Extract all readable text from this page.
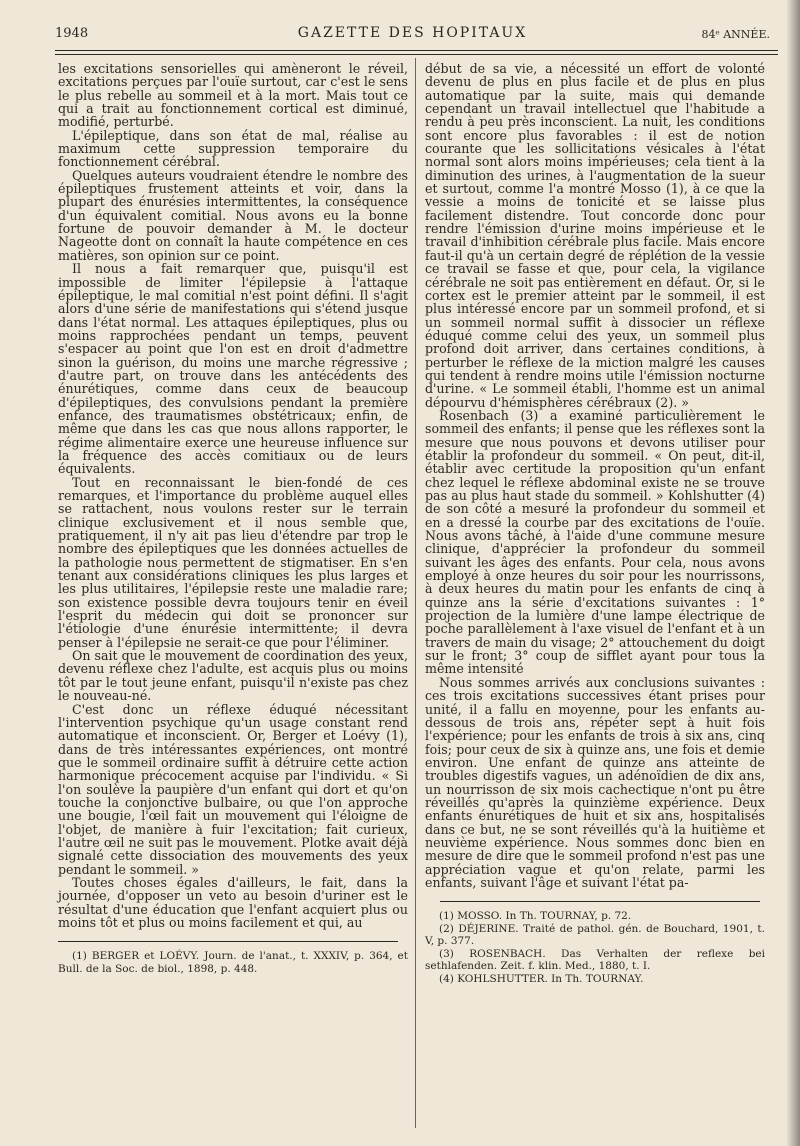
1948	GAZETTE DES HOPITAUX	84ᵉ ANNÉE.

les excitations sensorielles qui amèneront le réveil, excitations perçues par l'ouïe surtout, car c'est le sens le plus rebelle au sommeil et à la mort. Mais tout ce qui a trait au fonctionnement cortical est diminué, modifié, perturbé.

L'épileptique, dans son état de mal, réalise au maximum cette suppression temporaire du fonctionnement cérébral.

Quelques auteurs voudraient étendre le nombre des épileptiques frustement atteints et voir, dans la plupart des énurésies intermittentes, la conséquence d'un équivalent comitial. Nous avons eu la bonne fortune de pouvoir demander à M. le docteur Nageotte dont on connaît la haute compétence en ces matières, son opinion sur ce point.

Il nous a fait remarquer que, puisqu'il est impossible de limiter l'épilepsie à l'attaque épileptique, le mal comitial n'est point défini. Il s'agit alors d'une série de manifestations qui s'étend jusque dans l'état normal. Les attaques épileptiques, plus ou moins rapprochées pendant un temps, peuvent s'espacer au point que l'on est en droit d'admettre sinon la guérison, du moins une marche régressive ; d'autre part, on trouve dans les antécédents des énurétiques, comme dans ceux de beaucoup d'épileptiques, des convulsions pendant la première enfance, des traumatismes obstétricaux; enfin, de même que dans les cas que nous allons rapporter, le régime alimentaire exerce une heureuse influence sur la fréquence des accès comitiaux ou de leurs équivalents.

Tout en reconnaissant le bien-fondé de ces remarques, et l'importance du problème auquel elles se rattachent, nous voulons rester sur le terrain clinique exclusivement et il nous semble que, pratiquement, il n'y ait pas lieu d'étendre par trop le nombre des épileptiques que les données actuelles de la pathologie nous permettent de stigmatiser. En s'en tenant aux considérations cliniques les plus larges et les plus utilitaires, l'épilepsie reste une maladie rare; son existence possible devra toujours tenir en éveil l'esprit du médecin qui doit se prononcer sur l'étiologie d'une énurésie intermittente; il devra penser à l'épilepsie ne serait-ce que pour l'éliminer.

On sait que le mouvement de coordination des yeux, devenu réflexe chez l'adulte, est acquis plus ou moins tôt par le tout jeune enfant, puisqu'il n'existe pas chez le nouveau-né.

C'est donc un réflexe éduqué nécessitant l'intervention psychique qu'un usage constant rend automatique et inconscient. Or, Berger et Loévy (1), dans de très intéressantes expériences, ont montré que le sommeil ordinaire suffit à détruire cette action harmonique précocement acquise par l'individu. « Si l'on soulève la paupière d'un enfant qui dort et qu'on touche la conjonctive bulbaire, ou que l'on approche une bougie, l'œil fait un mouvement qui l'éloigne de l'objet, de manière à fuir l'excitation; fait curieux, l'autre œil ne suit pas le mouvement. Plotke avait déjà signalé cette dissociation des mouvements des yeux pendant le sommeil. »

Toutes choses égales d'ailleurs, le fait, dans la journée, d'opposer un veto au besoin d'uriner est le résultat d'une éducation que l'enfant acquiert plus ou moins tôt et plus ou moins facilement et qui, au

(1) BERGER et LOÉVY. Journ. de l'anat., t. XXXIV, p. 364, et Bull. de la Soc. de biol., 1898, p. 448.

début de sa vie, a nécessité un effort de volonté devenu de plus en plus facile et de plus en plus automatique par la suite, mais qui demande cependant un travail intellectuel que l'habitude a rendu à peu près inconscient. La nuit, les conditions sont encore plus favorables : il est de notion courante que les sollicitations vésicales à l'état normal sont alors moins impérieuses; cela tient à la diminution des urines, à l'augmentation de la sueur et surtout, comme l'a montré Mosso (1), à ce que la vessie a moins de tonicité et se laisse plus facilement distendre. Tout concorde donc pour rendre l'émission d'urine moins impérieuse et le travail d'inhibition cérébrale plus facile. Mais encore faut-il qu'à un certain degré de réplétion de la vessie ce travail se fasse et que, pour cela, la vigilance cérébrale ne soit pas entièrement en défaut. Or, si le cortex est le premier atteint par le sommeil, il est plus intéressé encore par un sommeil profond, et si un sommeil normal suffit à dissocier un réflexe éduqué comme celui des yeux, un sommeil plus profond doit arriver, dans certaines conditions, à perturber le réflexe de la miction malgré les causes qui tendent à rendre moins utile l'émission nocturne d'urine. « Le sommeil établi, l'homme est un animal dépourvu d'hémisphères cérébraux (2). »

Rosenbach (3) a examiné particulièrement le sommeil des enfants; il pense que les réflexes sont la mesure que nous pouvons et devons utiliser pour établir la profondeur du sommeil. « On peut, dit-il, établir avec certitude la proposition qu'un enfant chez lequel le réflexe abdominal existe ne se trouve pas au plus haut stade du sommeil. » Kohlshutter (4) de son côté a mesuré la profondeur du sommeil et en a dressé la courbe par des excitations de l'ouïe. Nous avons tâché, à l'aide d'une commune mesure clinique, d'apprécier la profondeur du sommeil suivant les âges des enfants. Pour cela, nous avons employé à onze heures du soir pour les nourrissons, à deux heures du matin pour les enfants de cinq à quinze ans la série d'excitations suivantes : 1° projection de la lumière d'une lampe électrique de poche parallèlement à l'axe visuel de l'enfant et à un travers de main du visage; 2° attouchement du doigt sur le front; 3° coup de sifflet ayant pour tous la même intensité

Nous sommes arrivés aux conclusions suivantes : ces trois excitations successives étant prises pour unité, il a fallu en moyenne, pour les enfants au-dessous de trois ans, répéter sept à huit fois l'expérience; pour les enfants de trois à six ans, cinq fois; pour ceux de six à quinze ans, une fois et demie environ. Une enfant de quinze ans atteinte de troubles digestifs vagues, un adénoïdien de dix ans, un nourrisson de six mois cachectique n'ont pu être réveillés qu'après la quinzième expérience. Deux enfants énurétiques de huit et six ans, hospitalisés dans ce but, ne se sont réveillés qu'à la huitième et neuvième expérience. Nous sommes donc bien en mesure de dire que le sommeil profond n'est pas une appréciation vague et qu'on relate, parmi les enfants, suivant l'âge et suivant l'état pa-

(1) MOSSO. In Th. TOURNAY, p. 72.

(2) DÉJERINE. Traité de pathol. gén. de Bouchard, 1901, t. V, p. 377.

(3) ROSENBACH. Das Verhalten der reflexe bei sethlafenden. Zeit. f. klin. Med., 1880, t. I.

(4) KOHLSHUTTER. In Th. TOURNAY.
